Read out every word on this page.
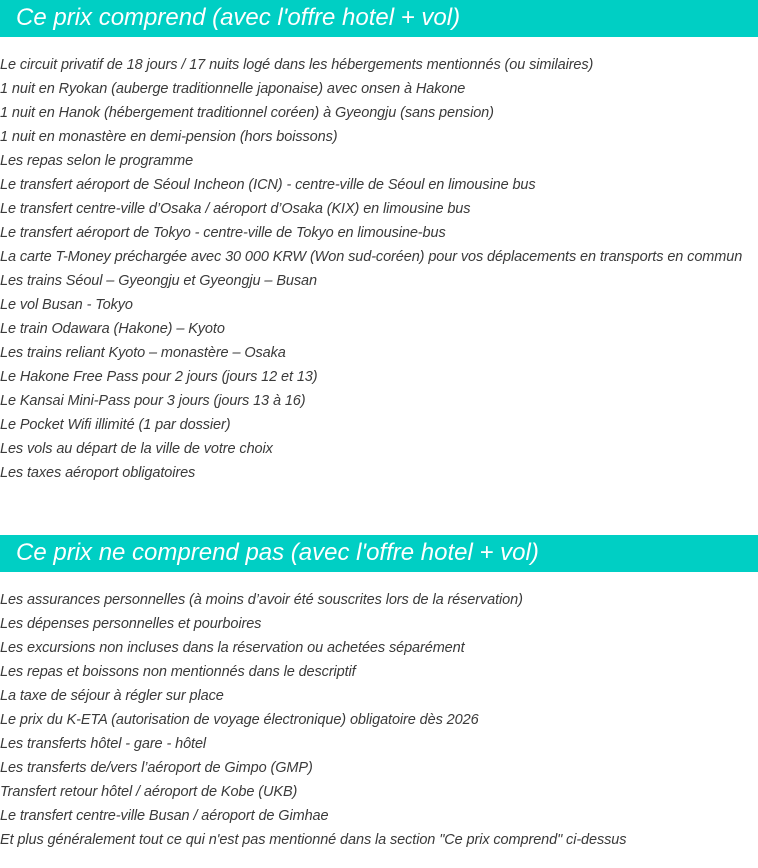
Ce prix comprend (avec l'offre hotel + vol)
Le circuit privatif de 18 jours / 17 nuits logé dans les hébergements mentionnés (ou similaires)
1 nuit en Ryokan (auberge traditionnelle japonaise) avec onsen à Hakone
1 nuit en Hanok (hébergement traditionnel coréen) à Gyeongju (sans pension)
1 nuit en monastère en demi-pension (hors boissons)
Les repas selon le programme
Le transfert aéroport de Séoul Incheon (ICN) - centre-ville de Séoul en limousine bus
Le transfert centre-ville d’Osaka / aéroport d’Osaka (KIX) en limousine bus
Le transfert aéroport de Tokyo - centre-ville de Tokyo en limousine-bus
La carte T-Money préchargée avec 30 000 KRW (Won sud-coréen) pour vos déplacements en transports en commun
Les trains Séoul – Gyeongju et Gyeongju – Busan
Le vol Busan - Tokyo
Le train Odawara (Hakone) – Kyoto
Les trains reliant Kyoto – monastère – Osaka
Le Hakone Free Pass pour 2 jours (jours 12 et 13)
Le Kansai Mini-Pass pour 3 jours (jours 13 à 16)
Le Pocket Wifi illimité (1 par dossier)
Les vols au départ de la ville de votre choix
Les taxes aéroport obligatoires
Ce prix ne comprend pas (avec l'offre hotel + vol)
Les assurances personnelles (à moins d’avoir été souscrites lors de la réservation)
Les dépenses personnelles et pourboires
Les excursions non incluses dans la réservation ou achetées séparément
Les repas et boissons non mentionnés dans le descriptif
La taxe de séjour à régler sur place
Le prix du K-ETA (autorisation de voyage électronique) obligatoire dès 2026
Les transferts hôtel - gare - hôtel
Les transferts de/vers l’aéroport de Gimpo (GMP)
Transfert retour hôtel / aéroport de Kobe (UKB)
Le transfert centre-ville Busan / aéroport de Gimhae
Et plus généralement tout ce qui n'est pas mentionné dans la section "Ce prix comprend" ci-dessus
